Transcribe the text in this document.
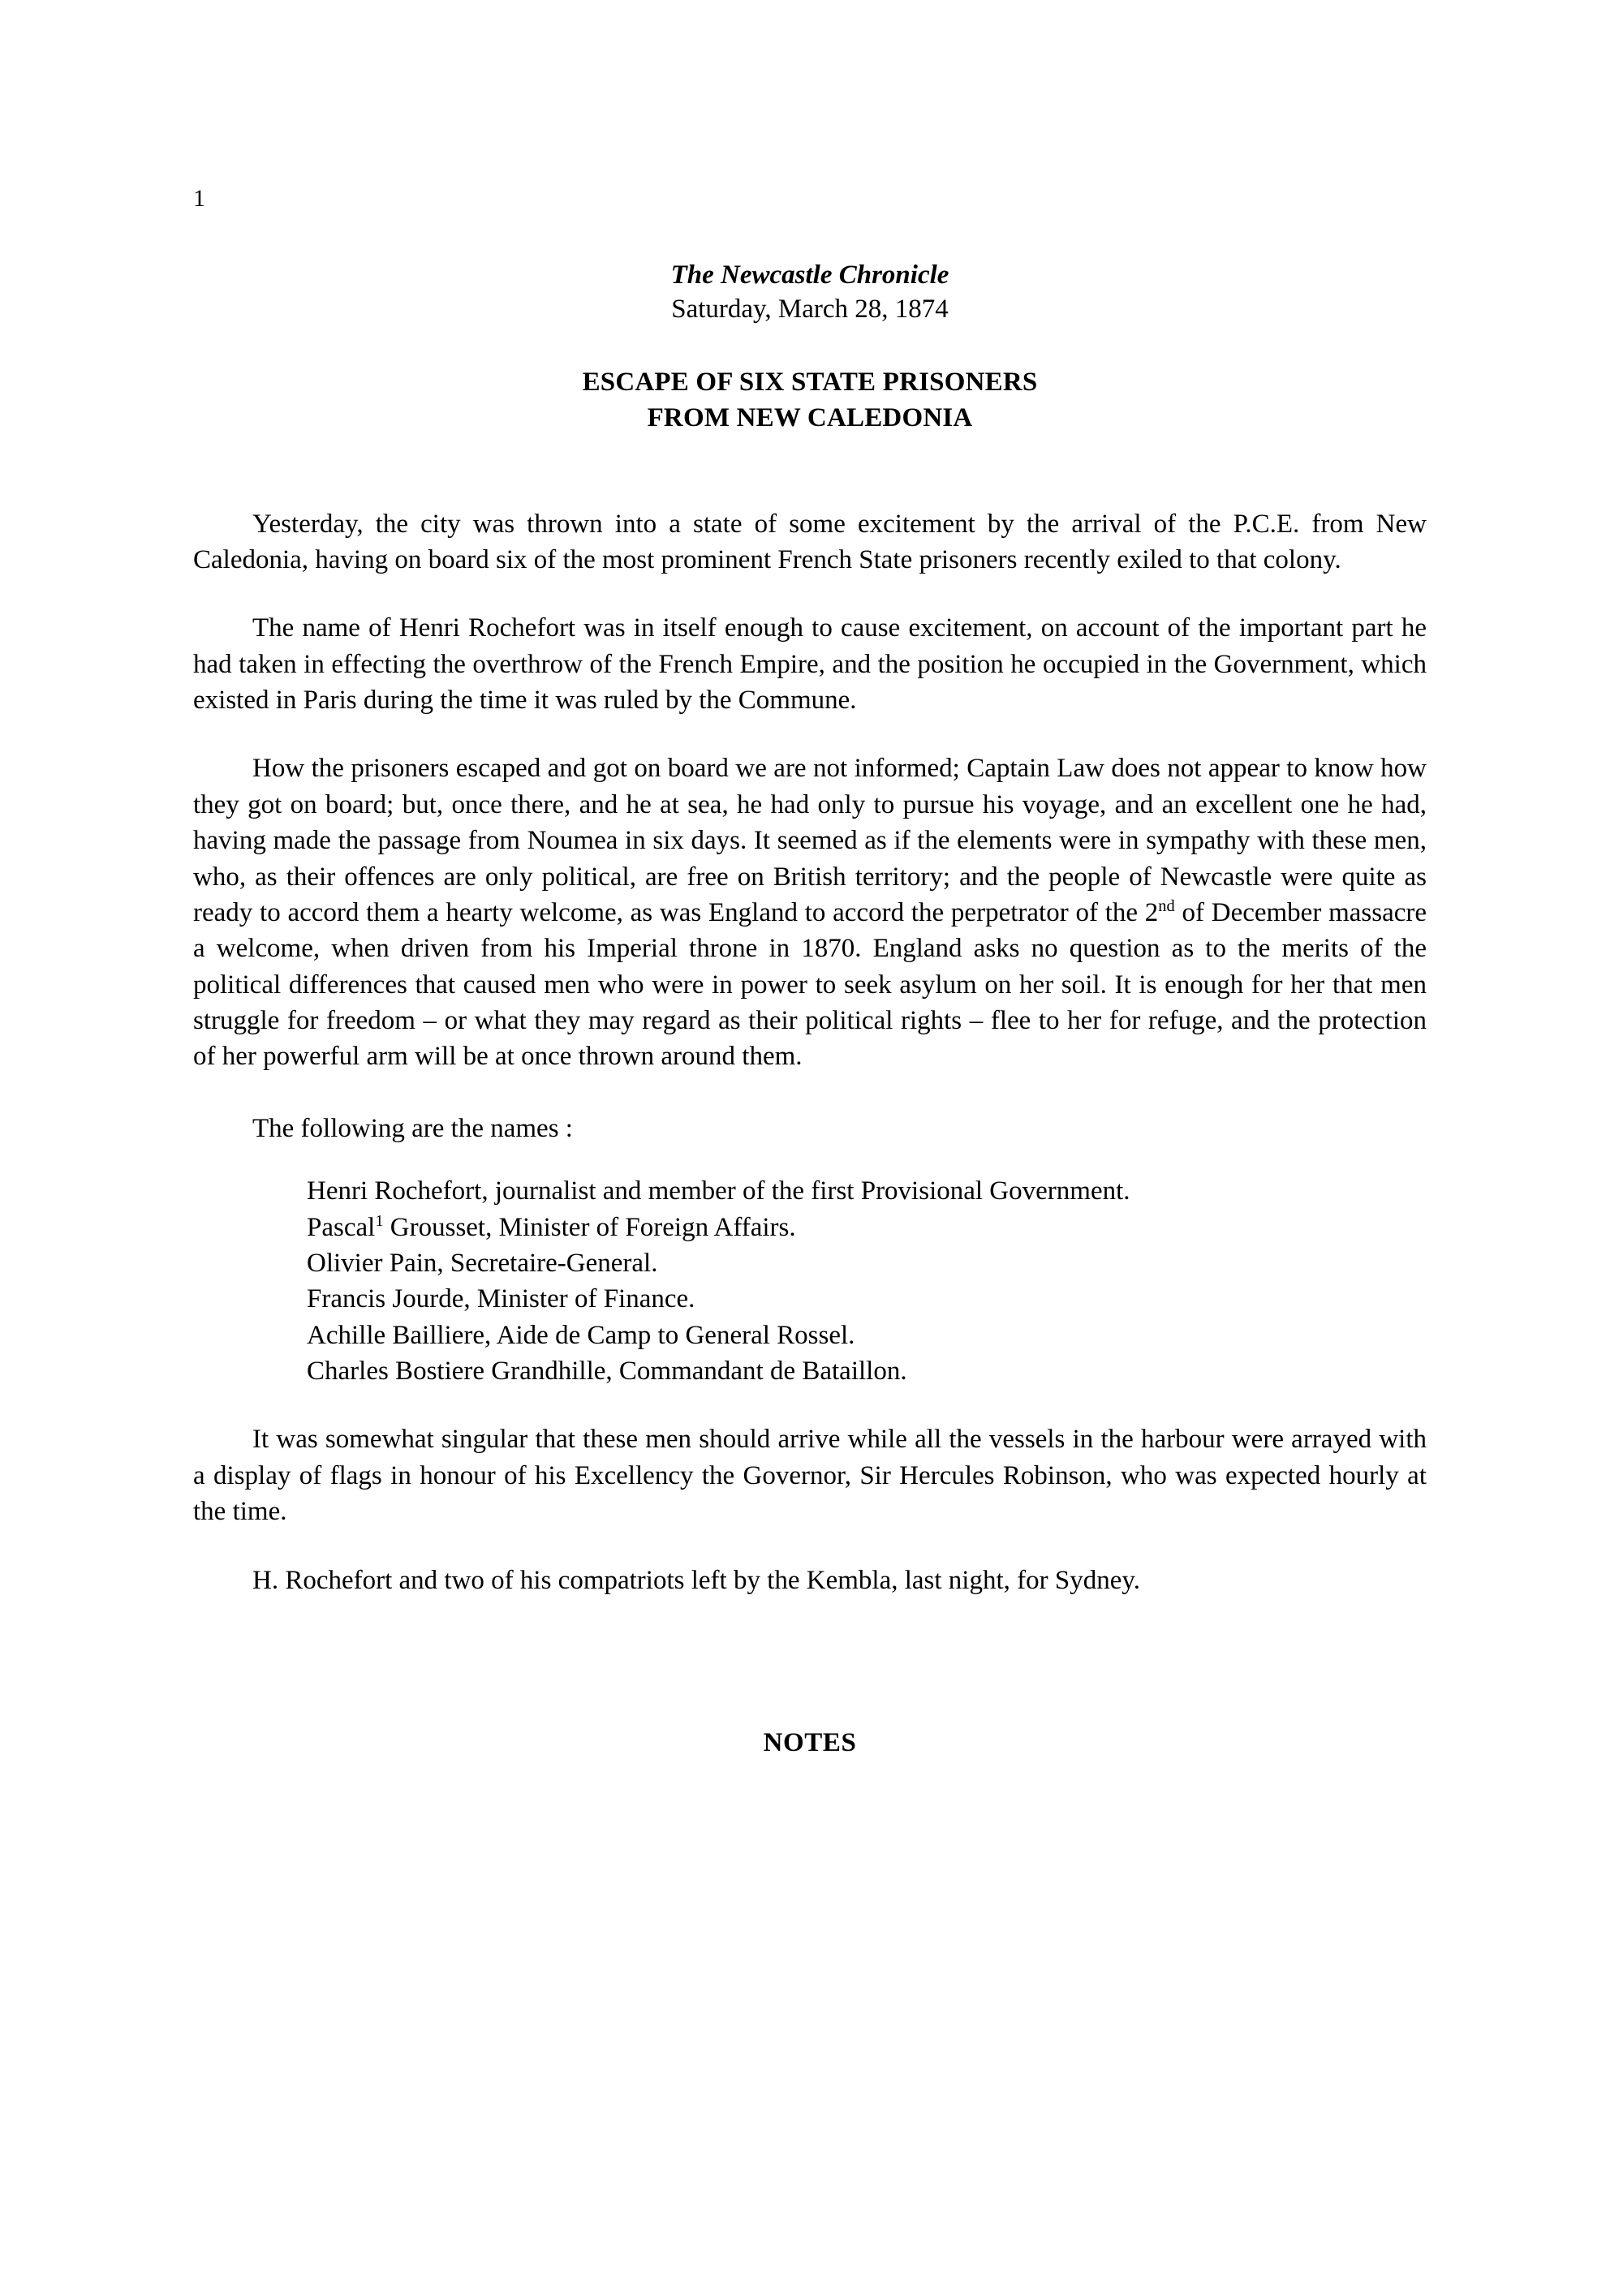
1
The Newcastle Chronicle
Saturday, March 28, 1874
ESCAPE OF SIX STATE PRISONERS
FROM NEW CALEDONIA

Yesterday, the city was thrown into a state of some excitement by the arrival of the P.C.E. from New Caledonia, having on board six of the most prominent French State prisoners recently exiled to that colony.

The name of Henri Rochefort was in itself enough to cause excitement, on account of the important part he had taken in effecting the overthrow of the French Empire, and the position he occupied in the Government, which existed in Paris during the time it was ruled by the Commune.

How the prisoners escaped and got on board we are not informed; Captain Law does not appear to know how they got on board; but, once there, and he at sea, he had only to pursue his voyage, and an excellent one he had, having made the passage from Noumea in six days. It seemed as if the elements were in sympathy with these men, who, as their offences are only political, are free on British territory; and the people of Newcastle were quite as ready to accord them a hearty welcome, as was England to accord the perpetrator of the 2nd of December massacre a welcome, when driven from his Imperial throne in 1870. England asks no question as to the merits of the political differences that caused men who were in power to seek asylum on her soil. It is enough for her that men struggle for freedom – or what they may regard as their political rights – flee to her for refuge, and the protection of her powerful arm will be at once thrown around them.

The following are the names :

Henri Rochefort, journalist and member of the first Provisional Government.
Pascal$^1$ Grousset, Minister of Foreign Affairs.
Olivier Pain, Secretaire-General.
Francis Jourde, Minister of Finance.
Achille Bailliere, Aide de Camp to General Rossel.
Charles Bostiere Grandhille, Commandant de Bataillon.

It was somewhat singular that these men should arrive while all the vessels in the harbour were arrayed with a display of flags in honour of his Excellency the Governor, Sir Hercules Robinson, who was expected hourly at the time.

H. Rochefort and two of his compatriots left by the Kembla, last night, for Sydney.

NOTES
